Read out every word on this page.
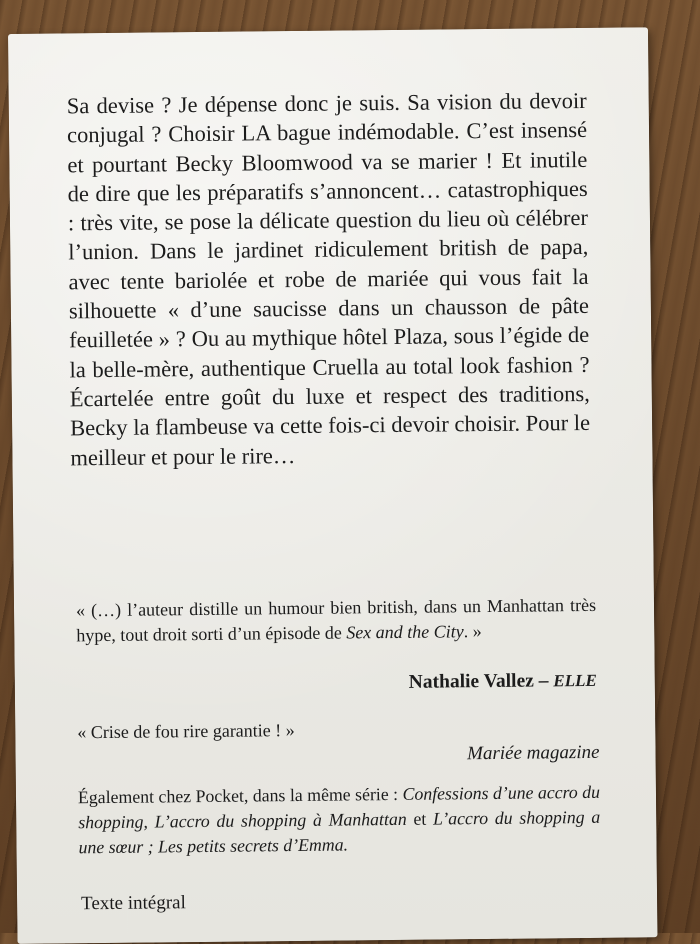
Sa devise ? Je dépense donc je suis. Sa vision du devoir conjugal ? Choisir LA bague indémodable. C’est insensé et pourtant Becky Bloomwood va se marier ! Et inutile de dire que les préparatifs s’annoncent… catastrophiques : très vite, se pose la délicate question du lieu où célébrer l’union. Dans le jardinet ridiculement british de papa, avec tente bariolée et robe de mariée qui vous fait la silhouette « d’une saucisse dans un chausson de pâte feuilletée » ? Ou au mythique hôtel Plaza, sous l’égide de la belle-mère, authentique Cruella au total look fashion ? Écartelée entre goût du luxe et respect des traditions, Becky la flambeuse va cette fois-ci devoir choisir. Pour le meilleur et pour le rire…

« (…) l’auteur distille un humour bien british, dans un Manhattan très hype, tout droit sorti d’un épisode de Sex and the City. »

Nathalie Vallez – ELLE

« Crise de fou rire garantie ! »

Mariée magazine

Également chez Pocket, dans la même série : Confessions d’une accro du shopping, L’accro du shopping à Manhattan et L’accro du shopping a une sœur ; Les petits secrets d’Emma.

Texte intégral
